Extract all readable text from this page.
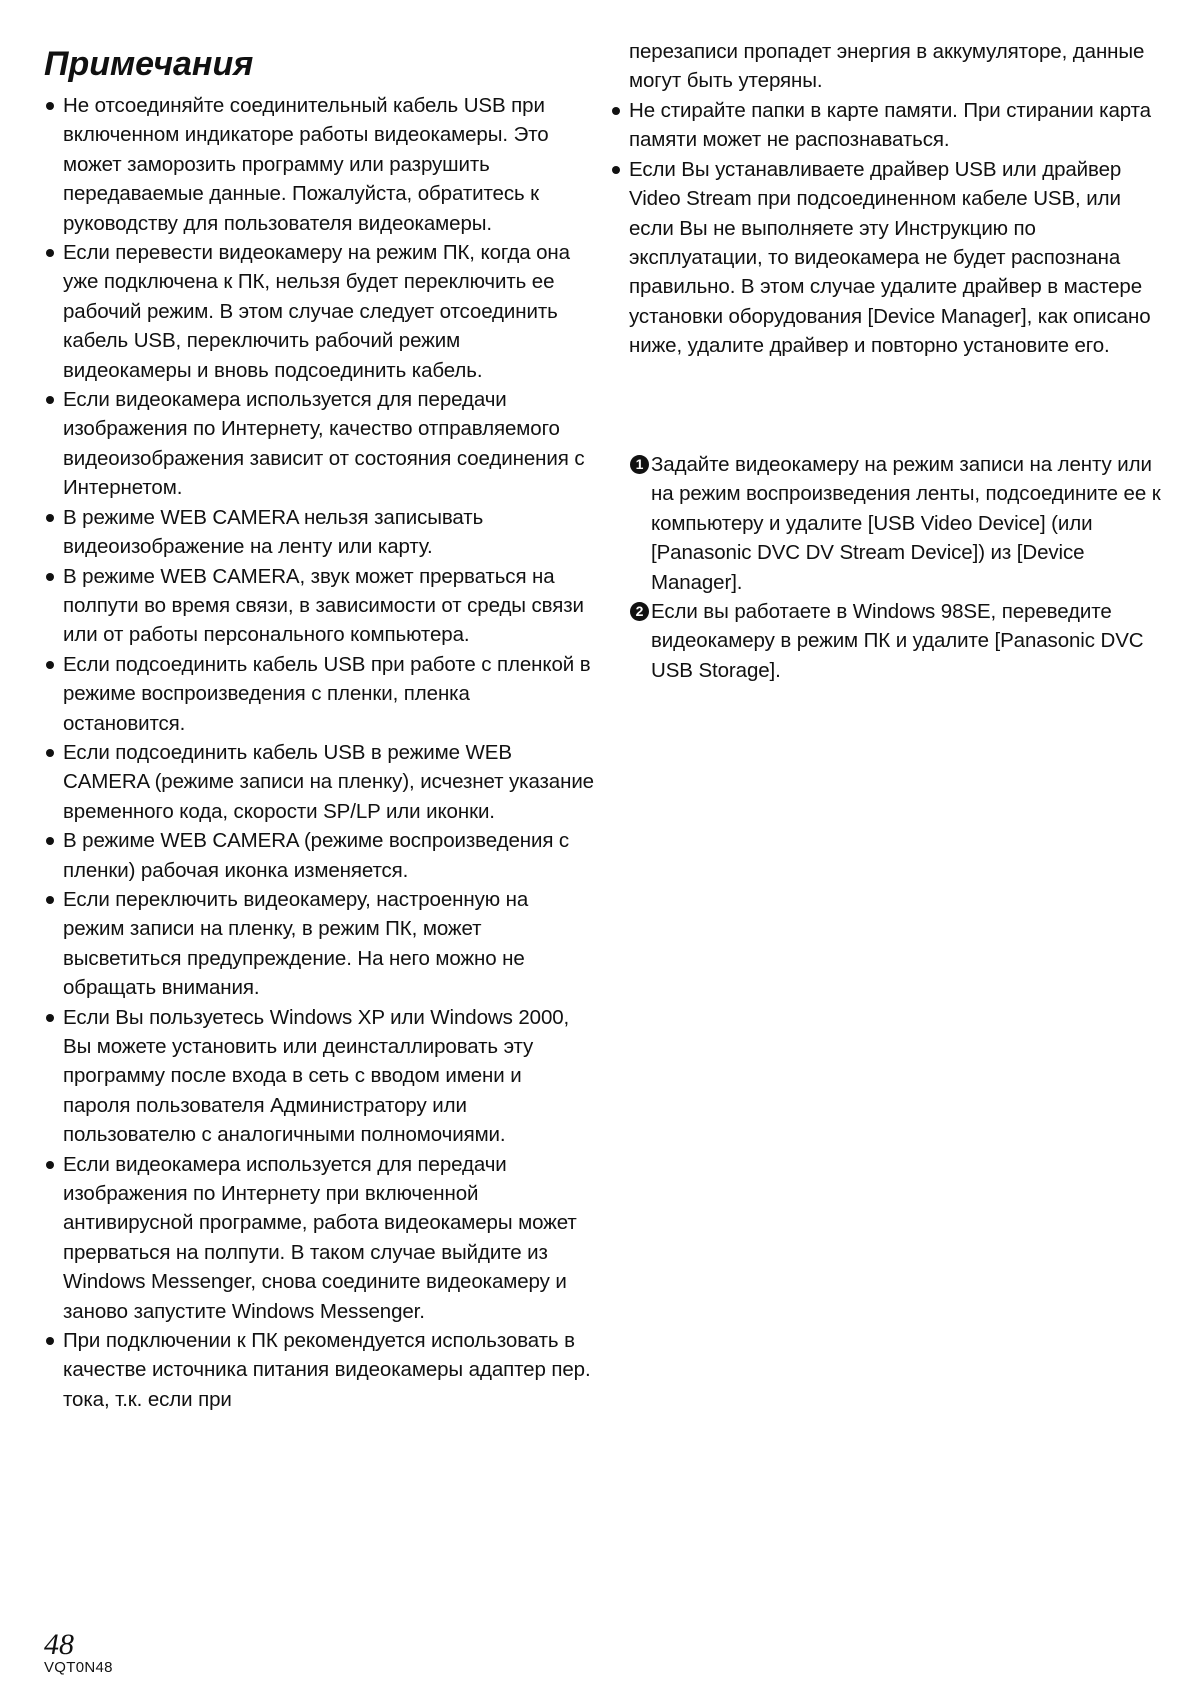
Примечания
Не отсоединяйте соединительный кабель USB при включенном индикаторе работы видеокамеры. Это может заморозить программу или разрушить передаваемые данные. Пожалуйста, обратитесь к руководству для пользователя видеокамеры.
Если перевести видеокамеру на режим ПК, когда она уже подключена к ПК, нельзя будет переключить ее рабочий режим. В этом случае следует отсоединить кабель USB, переключить рабочий режим видеокамеры и вновь подсоединить кабель.
Если видеокамера используется для передачи изображения по Интернету, качество отправляемого видеоизображения зависит от состояния соединения с Интернетом.
В режиме WEB CAMERA нельзя записывать видеоизображение на ленту или карту.
В режиме WEB CAMERA, звук может прерваться на полпути во время связи, в зависимости от среды связи или от работы персонального компьютера.
Если подсоединить кабель USB при работе с пленкой в режиме воспроизведения с пленки, пленка остановится.
Если подсоединить кабель USB в режиме WEB CAMERA (режиме записи на пленку), исчезнет указание временного кода, скорости SP/LP или иконки.
В режиме WEB CAMERA (режиме воспроизведения с пленки) рабочая иконка изменяется.
Если переключить видеокамеру, настроенную на режим записи на пленку, в режим ПК, может высветиться предупреждение. На него можно не обращать внимания.
Если Вы пользуетесь Windows XP или Windows 2000, Вы можете установить или деинсталлировать эту программу после входа в сеть с вводом имени и пароля пользователя Администратору или пользователю с аналогичными полномочиями.
Если видеокамера используется для передачи изображения по Интернету при включенной антивирусной программе, работа видеокамеры может прерваться на полпути. В таком случае выйдите из Windows Messenger, снова соедините видеокамеру и заново запустите Windows Messenger.
При подключении к ПК рекомендуется использовать в качестве источника питания видеокамеры адаптер пер. тока, т.к. если при

перезаписи пропадет энергия в аккумуляторе, данные могут быть утеряны.

Не стирайте папки в карте памяти. При стирании карта памяти может не распознаваться.
Если Вы устанавливаете драйвер USB или драйвер Video Stream при подсоединенном кабеле USB, или если Вы не выполняете эту Инструкцию по эксплуатации, то видеокамера не будет распознана правильно. В этом случае удалите драйвер в мастере установки оборудования [Device Manager], как описано ниже, удалите драйвер и повторно установите его.
1 Задайте видеокамеру на режим записи на ленту или на режим воспроизведения ленты, подсоедините ее к компьютеру и удалите [USB Video Device] (или [Panasonic DVC DV Stream Device]) из [Device Manager].
2 Если вы работаете в Windows 98SE, переведите видеокамеру в режим ПК и удалите [Panasonic DVC USB Storage].

48

VQT0N48
